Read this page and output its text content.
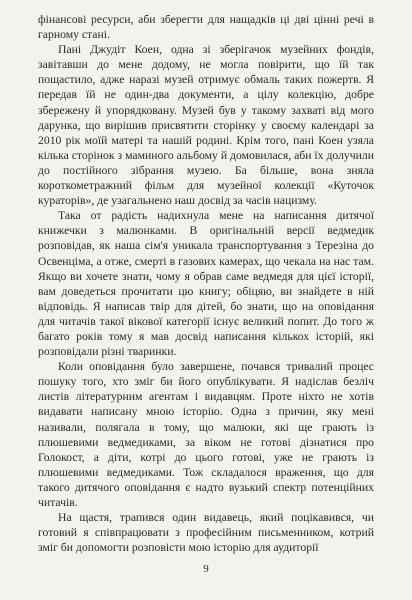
фінансові ресурси, аби зберегти для нащадків ці дві цінні речі в гарному стані.

Пані Джудіт Коен, одна зі зберігачок музейних фондів, завітавши до мене додому, не могла повірити, що їй так пощастило, адже наразі музей отримує обмаль таких пожертв. Я передав їй не один-два документи, а цілу колекцію, добре збережену й упорядковану. Музей був у такому захваті від мого дарунка, що вирішив присвятити сторінку у своєму календарі за 2010 рік моїй матері та нашій родині. Крім того, пані Коен узяла кілька сторінок з маминого альбому й домовилася, аби їх долучили до постійного зібрання музею. Ба більше, вона зняла короткометражний фільм для музейної колекції «Куточок кураторів», де узагальнено наш досвід за часів нацизму.

Така от радість надихнула мене на написання дитячої книжечки з малюнками. В оригінальній версії ведмедик розповідав, як наша сім'я уникала транспортування з Терезіна до Освенціма, а отже, смерті в газових камерах, що чекала на нас там. Якщо ви хочете знати, чому я обрав саме ведмедя для цієї історії, вам доведеться прочитати цю книгу; обіцяю, ви знайдете в ній відповідь. Я написав твір для дітей, бо знати, що на оповідання для читачів такої вікової категорії існує великий попит. До того ж багато років тому я мав досвід написання кількох історій, які розповідали різні тваринки.

Коли оповідання було завершене, почався тривалий процес пошуку того, хто зміг би його опублікувати. Я надіслав безліч листів літературним агентам і видавцям. Проте ніхто не хотів видавати написану мною історію. Одна з причин, яку мені називали, полягала в тому, що малюки, які ще грають із плюшевими ведмедиками, за віком не готові дізнатися про Голокост, а діти, котрі до цього готові, уже не грають із плюшевими ведмедиками. Тож складалося враження, що для такого дитячого оповідання є надто вузький спектр потенційних читачів.

На щастя, трапився один видавець, який поцікавився, чи готовий я співпрацювати з професійним письменником, котрий зміг би допомогти розповісти мою історію для аудиторії

9
